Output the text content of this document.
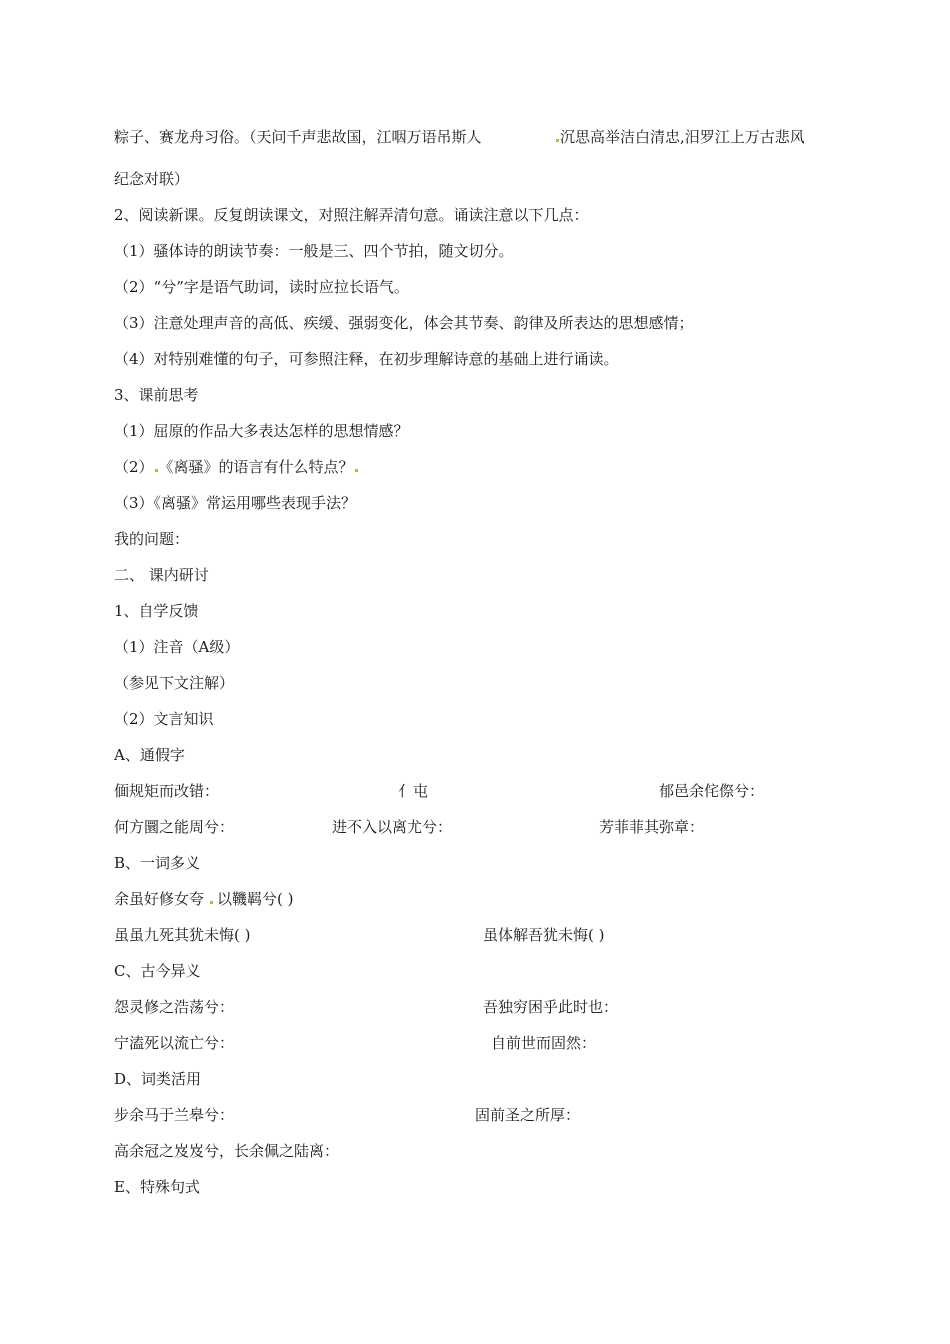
粽子、赛龙舟习俗。（天问千声悲故国，江咽万语吊斯人	沉思高举洁白清忠,汨罗江上万古悲风
纪念对联）
2、阅读新课。反复朗读课文，对照注解弄清句意。诵读注意以下几点：
（1）骚体诗的朗读节奏：一般是三、四个节拍，随文切分。
（2）“兮”字是语气助词，读时应拉长语气。
（3）注意处理声音的高低、疾缓、强弱变化，体会其节奏、韵律及所表达的思想感情；
（4）对特别难懂的句子，可参照注释，在初步理解诗意的基础上进行诵读。
3、课前思考
（1）屈原的作品大多表达怎样的思想情感？
（2） 《离骚》的语言有什么特点？
（3）《离骚》常运用哪些表现手法？
我的问题：
二、 课内研讨
1、自学反馈
（1）注音（A级）
（参见下文注解）
（2）文言知识
A、通假字
偭规矩而改错：	亻屯	郁邑余侘傺兮：
何方圜之能周兮：	进不入以离尤兮：	芳菲菲其弥章：
B、一词多义
余虽好修女夸 以鞿羁兮( )
虽虽九死其犹未悔( )	虽体解吾犹未悔( )
C、古今异义
怨灵修之浩荡兮：	吾独穷困乎此时也：
宁溘死以流亡兮：	自前世而固然：
D、词类活用
步余马于兰皋兮：	固前圣之所厚：
高余冠之岌岌兮，长余佩之陆离：
E、特殊句式
